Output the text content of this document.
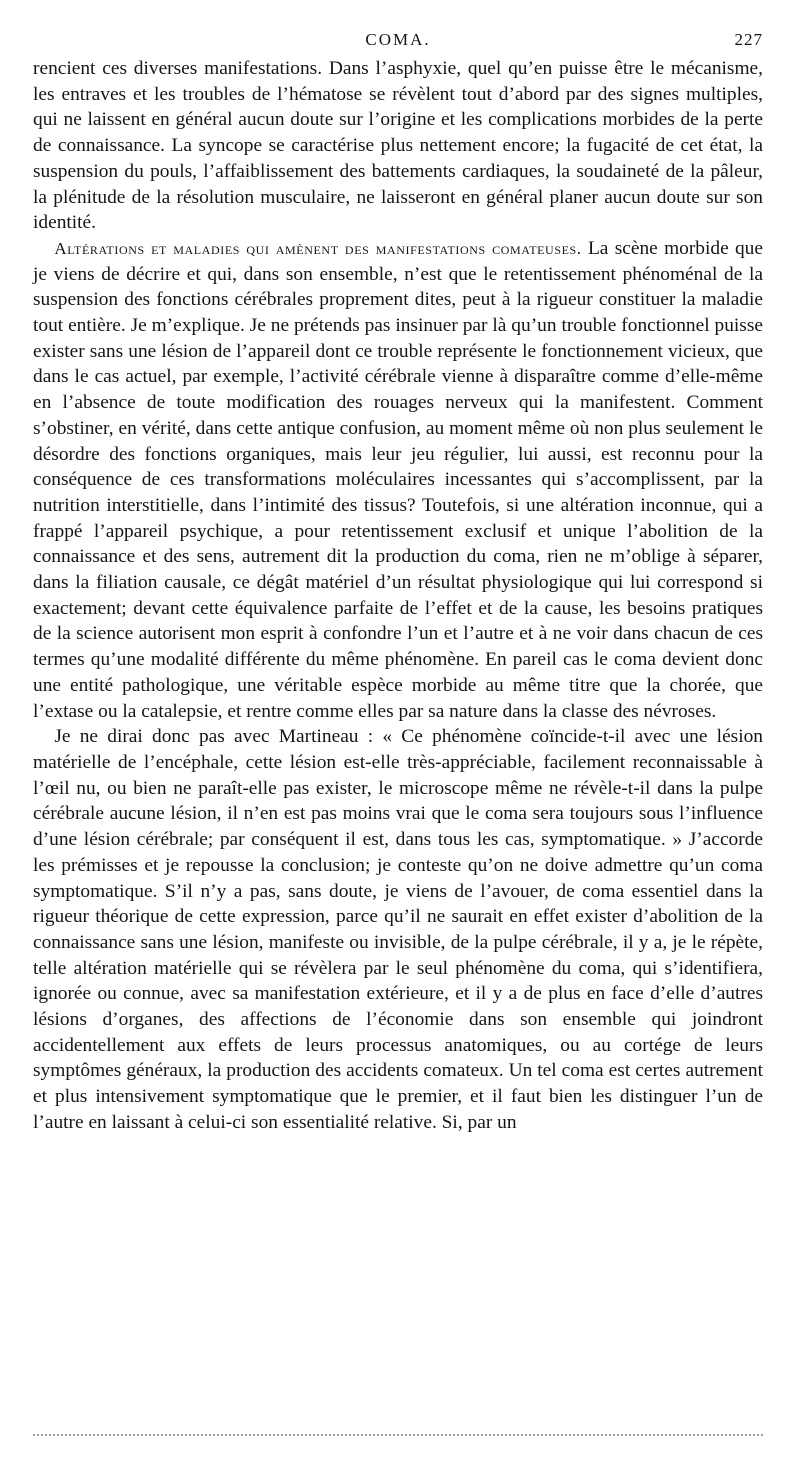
COMA.	227

rencient ces diverses manifestations. Dans l’asphyxie, quel qu’en puisse être le mécanisme, les entraves et les troubles de l’hématose se révèlent tout d’abord par des signes multiples, qui ne laissent en général aucun doute sur l’origine et les complications morbides de la perte de connaissance. La syncope se caractérise plus nettement encore; la fugacité de cet état, la suspension du pouls, l’affaiblissement des battements cardiaques, la soudaineté de la pâleur, la plénitude de la résolution musculaire, ne laisseront en général planer aucun doute sur son identité.

Altérations et maladies qui amènent des manifestations comateuses. La scène morbide que je viens de décrire et qui, dans son ensemble, n’est que le retentissement phénoménal de la suspension des fonctions cérébrales proprement dites, peut à la rigueur constituer la maladie tout entière. Je m’explique. Je ne prétends pas insinuer par là qu’un trouble fonctionnel puisse exister sans une lésion de l’appareil dont ce trouble représente le fonctionnement vicieux, que dans le cas actuel, par exemple, l’activité cérébrale vienne à disparaître comme d’elle-même en l’absence de toute modification des rouages nerveux qui la manifestent. Comment s’obstiner, en vérité, dans cette antique confusion, au moment même où non plus seulement le désordre des fonctions organiques, mais leur jeu régulier, lui aussi, est reconnu pour la conséquence de ces transformations moléculaires incessantes qui s’accomplissent, par la nutrition interstitielle, dans l’intimité des tissus? Toutefois, si une altération inconnue, qui a frappé l’appareil psychique, a pour retentissement exclusif et unique l’abolition de la connaissance et des sens, autrement dit la production du coma, rien ne m’oblige à séparer, dans la filiation causale, ce dégât matériel d’un résultat physiologique qui lui correspond si exactement; devant cette équivalence parfaite de l’effet et de la cause, les besoins pratiques de la science autorisent mon esprit à confondre l’un et l’autre et à ne voir dans chacun de ces termes qu’une modalité différente du même phénomène. En pareil cas le coma devient donc une entité pathologique, une véritable espèce morbide au même titre que la chorée, que l’extase ou la catalepsie, et rentre comme elles par sa nature dans la classe des névroses.

Je ne dirai donc pas avec Martineau : « Ce phénomène coïncide-t-il avec une lésion matérielle de l’encéphale, cette lésion est-elle très-appréciable, facilement reconnaissable à l’œil nu, ou bien ne paraît-elle pas exister, le microscope même ne révèle-t-il dans la pulpe cérébrale aucune lésion, il n’en est pas moins vrai que le coma sera toujours sous l’influence d’une lésion cérébrale; par conséquent il est, dans tous les cas, symptomatique. » J’accorde les prémisses et je repousse la conclusion; je conteste qu’on ne doive admettre qu’un coma symptomatique. S’il n’y a pas, sans doute, je viens de l’avouer, de coma essentiel dans la rigueur théorique de cette expression, parce qu’il ne saurait en effet exister d’abolition de la connaissance sans une lésion, manifeste ou invisible, de la pulpe cérébrale, il y a, je le répète, telle altération matérielle qui se révèlera par le seul phénomène du coma, qui s’identifiera, ignorée ou connue, avec sa manifestation extérieure, et il y a de plus en face d’elle d’autres lésions d’organes, des affections de l’économie dans son ensemble qui joindront accidentellement aux effets de leurs processus anatomiques, ou au cortége de leurs symptômes généraux, la production des accidents comateux. Un tel coma est certes autrement et plus intensivement symptomatique que le premier, et il faut bien les distinguer l’un de l’autre en laissant à celui-ci son essentialité relative. Si, par un
